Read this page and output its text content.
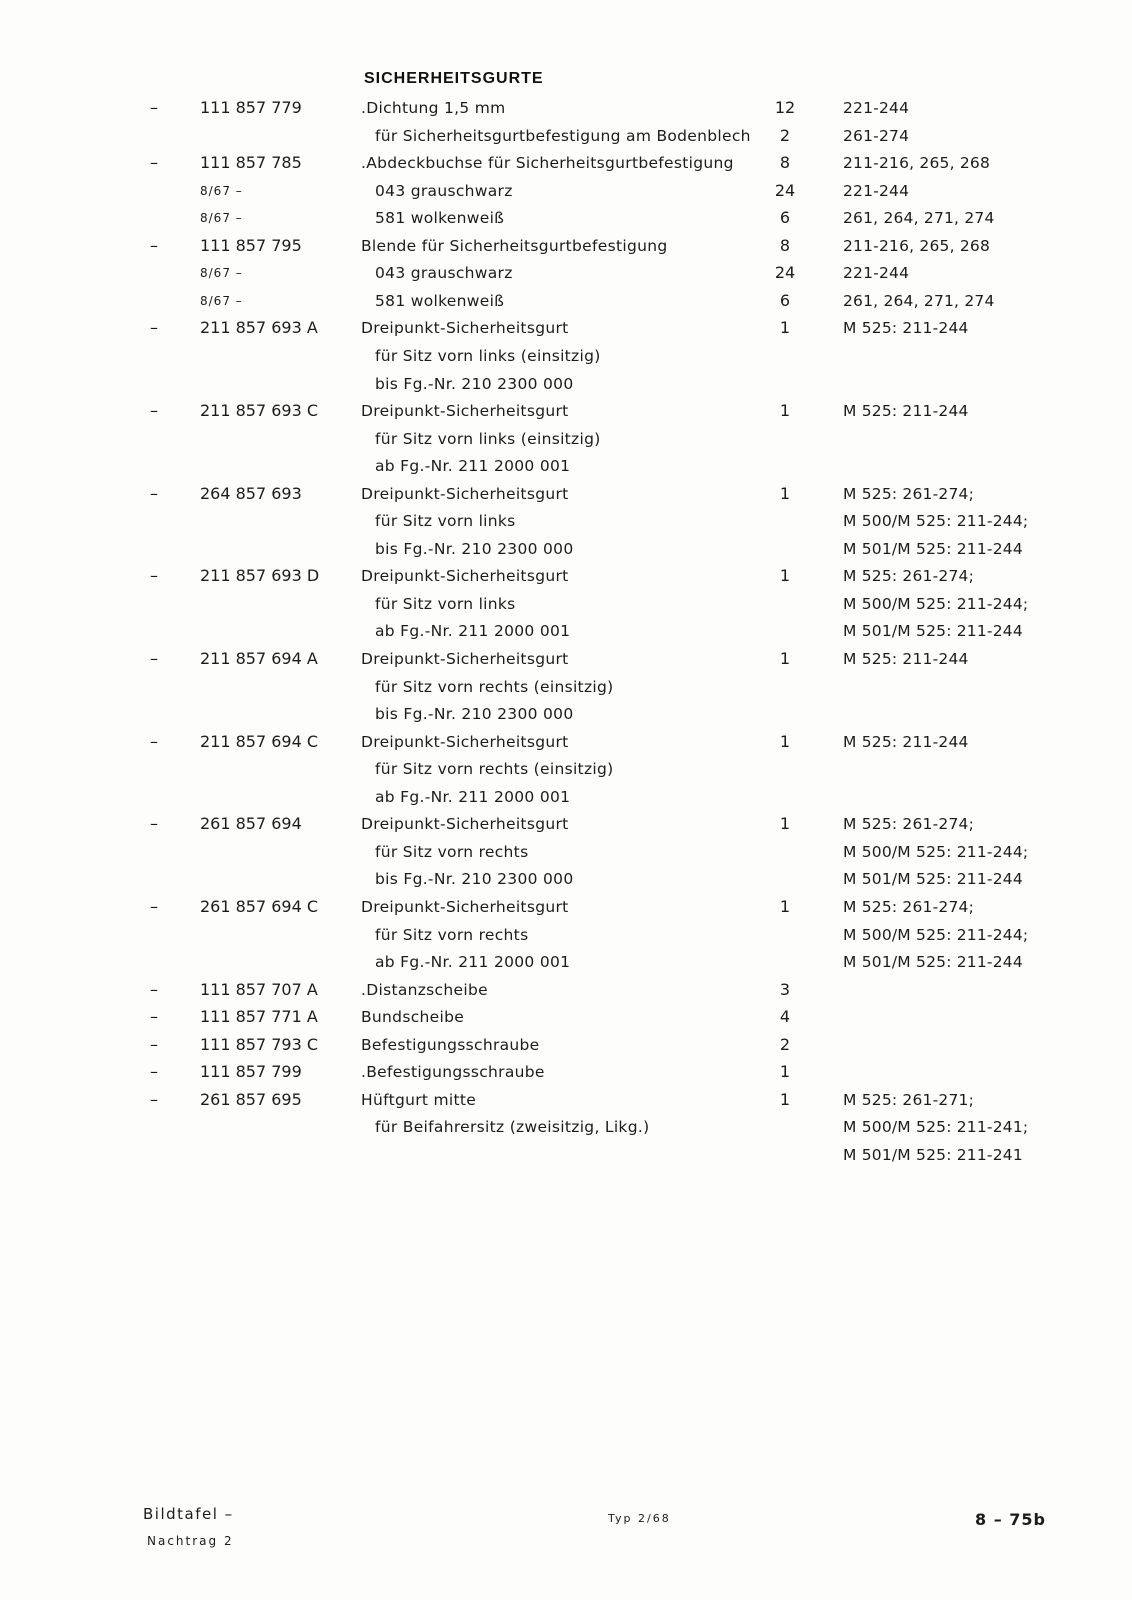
SICHERHEITSGURTE
–	111 857 779	.Dichtung 1,5 mm	12	221-244
für Sicherheitsgurtbefestigung am Bodenblech	2	261-274
–	111 857 785	.Abdeckbuchse für Sicherheitsgurtbefestigung	8	211-216, 265, 268
8/67 –	043 grauschwarz	24	221-244
8/67 –	581 wolkenweiß	6	261, 264, 271, 274
–	111 857 795	Blende für Sicherheitsgurtbefestigung	8	211-216, 265, 268
8/67 –	043 grauschwarz	24	221-244
8/67 –	581 wolkenweiß	6	261, 264, 271, 274
–	211 857 693 A	Dreipunkt-Sicherheitsgurt	1	M 525: 211-244
für Sitz vorn links (einsitzig)
bis Fg.-Nr. 210 2300 000
–	211 857 693 C	Dreipunkt-Sicherheitsgurt	1	M 525: 211-244
für Sitz vorn links (einsitzig)
ab Fg.-Nr. 211 2000 001
–	264 857 693	Dreipunkt-Sicherheitsgurt	1	M 525: 261-274;
für Sitz vorn links	M 500/M 525: 211-244;
bis Fg.-Nr. 210 2300 000	M 501/M 525: 211-244
–	211 857 693 D	Dreipunkt-Sicherheitsgurt	1	M 525: 261-274;
für Sitz vorn links	M 500/M 525: 211-244;
ab Fg.-Nr. 211 2000 001	M 501/M 525: 211-244
–	211 857 694 A	Dreipunkt-Sicherheitsgurt	1	M 525: 211-244
für Sitz vorn rechts (einsitzig)
bis Fg.-Nr. 210 2300 000
–	211 857 694 C	Dreipunkt-Sicherheitsgurt	1	M 525: 211-244
für Sitz vorn rechts (einsitzig)
ab Fg.-Nr. 211 2000 001
–	261 857 694	Dreipunkt-Sicherheitsgurt	1	M 525: 261-274;
für Sitz vorn rechts	M 500/M 525: 211-244;
bis Fg.-Nr. 210 2300 000	M 501/M 525: 211-244
–	261 857 694 C	Dreipunkt-Sicherheitsgurt	1	M 525: 261-274;
für Sitz vorn rechts	M 500/M 525: 211-244;
ab Fg.-Nr. 211 2000 001	M 501/M 525: 211-244
–	111 857 707 A	.Distanzscheibe	3
–	111 857 771 A	Bundscheibe	4
–	111 857 793 C	Befestigungsschraube	2
–	111 857 799	.Befestigungsschraube	1
–	261 857 695	Hüftgurt mitte	1	M 525: 261-271;
für Beifahrersitz (zweisitzig, Likg.)	M 500/M 525: 211-241;
M 501/M 525: 211-241
Bildtafel –
Nachtrag 2
Typ 2/68	8 – 75b
